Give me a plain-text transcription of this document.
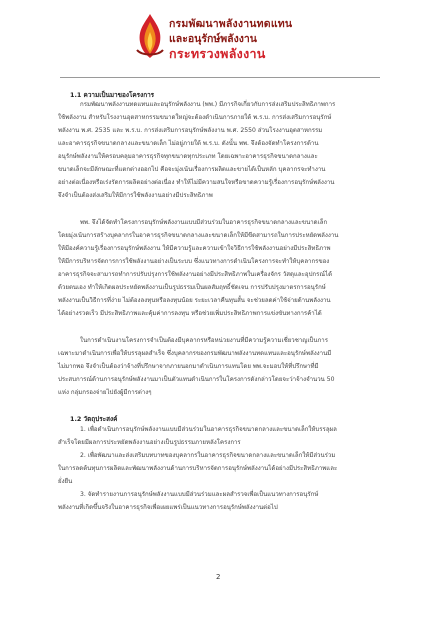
กรมพัฒนาพลังงานทดแทน
และอนุรักษ์พลังงาน
กระทรวงพลังงาน
1.1 ความเป็นมาของโครงการ
กรมพัฒนาพลังงานทดแทนและอนุรักษ์พลังงาน (พพ.) มีภารกิจเกี่ยวกับการส่งเสริมประสิทธิภาพการ
ใช้พลังงาน สำหรับโรงงานอุตสาหกรรมขนาดใหญ่จะต้องดำเนินการภายใต้ พ.ร.บ. การส่งเสริมการอนุรักษ์
พลังงาน พ.ศ. 2535 และ พ.ร.บ. การส่งเสริมการอนุรักษ์พลังงาน พ.ศ. 2550 ส่วนโรงงานอุตสาหกรรม
และอาคารธุรกิจขนาดกลางและขนาดเล็ก ไม่อยู่ภายใต้ พ.ร.บ. ดังนั้น พพ. จึงต้องจัดทำโครงการด้าน
อนุรักษ์พลังงานให้ครอบคลุมอาคารธุรกิจทุกขนาดทุกประเภท โดยเฉพาะอาคารธุรกิจขนาดกลางและ
ขนาดเล็กจะมีลักษณะที่แตกต่างออกไป คือจะมุ่งเน้นเรื่องการผลิตและขายได้เป็นหลัก บุคลากรจะทำงาน
อย่างต่อเนื่องหรือเร่งรัดการผลิตอย่างต่อเนื่อง ทำให้ไม่มีความสนใจหรือขาดความรู้เรื่องการอนุรักษ์พลังงาน
จึงจำเป็นต้องส่งเสริมให้มีการใช้พลังงานอย่างมีประสิทธิภาพ
พพ. จึงได้จัดทำโครงการอนุรักษ์พลังงานแบบมีส่วนร่วมในอาคารธุรกิจขนาดกลางและขนาดเล็ก
โดยมุ่งเน้นการสร้างบุคลากรในอาคารธุรกิจขนาดกลางและขนาดเล็กให้มีขีดสามารถในการประหยัดพลังงาน
ให้มีองค์ความรู้เรื่องการอนุรักษ์พลังงาน ให้มีความรู้และความเข้าใจวิธีการใช้พลังงานอย่างมีประสิทธิภาพ
ให้มีการบริหารจัดการการใช้พลังงานอย่างเป็นระบบ ซึ่งแนวทางการดำเนินโครงการจะทำให้บุคลากรของ
อาคารธุรกิจจะสามารถทำการปรับปรุงการใช้พลังงานอย่างมีประสิทธิภาพในเครื่องจักร วัสดุและอุปกรณ์ได้
ด้วยตนเอง ทำให้เกิดผลประหยัดพลังงานเป็นรูปธรรมเป็นผลสัมฤทธิ์ชัดเจน การปรับปรุงมาตรการอนุรักษ์
พลังงานเป็นวิธีการที่ง่าย ไม่ต้องลงทุนหรือลงทุนน้อย ระยะเวลาคืนทุนสั้น จะช่วยลดค่าใช้จ่ายด้านพลังงาน
ได้อย่างรวดเร็ว มีประสิทธิภาพและคุ้มค่าการลงทุน หรือช่วยเพิ่มประสิทธิภาพการแข่งขันทางการค้าได้
ในการดำเนินงานโครงการจำเป็นต้องมีบุคลากรหรือหน่วยงานที่มีความรู้ความเชี่ยวชาญเป็นการ
เฉพาะมาดำเนินการเพื่อให้บรรลุผลสำเร็จ ซึ่งบุคลากรของกรมพัฒนาพลังงานทดแทนและอนุรักษ์พลังงานมี
ไม่มากพอ จึงจำเป็นต้องว่าจ้างที่ปรึกษาจากภายนอกมาดำเนินการแทนโดย พพ.จะมอบให้ที่ปรึกษาที่มี
ประสบการณ์ด้านการอนุรักษ์พลังงานมาเป็นตัวแทนดำเนินการในโครงการดังกล่าวโดยจะว่าจ้างจำนวน 50
แห่ง กลุ่มกรองจ่ายไปยังผู้มีการต่างๆ
1.2 วัตถุประสงค์
1. เพื่อดำเนินการอนุรักษ์พลังงานแบบมีส่วนร่วมในอาคารธุรกิจขนาดกลางและขนาดเล็กให้บรรลุผล
สำเร็จโดยมีผลการประหยัดพลังงานอย่างเป็นรูปธรรมภายหลังโครงการ
2. เพื่อพัฒนาและส่งเสริมบทบาทของบุคลากรในอาคารธุรกิจขนาดกลางและขนาดเล็กให้มีส่วนร่วม
ในการลดต้นทุนการผลิตและพัฒนาพลังงานด้านการบริหารจัดการอนุรักษ์พลังงานได้อย่างมีประสิทธิภาพและ
ยั่งยืน
3. จัดทำรายงานการอนุรักษ์พลังงานแบบมีส่วนร่วมและผลสำรวจเพื่อเป็นแนวทางการอนุรักษ์
พลังงานที่เกิดขึ้นจริงในอาคารธุรกิจเพื่อเผยแพร่เป็นแนวทางการอนุรักษ์พลังงานต่อไป
2
